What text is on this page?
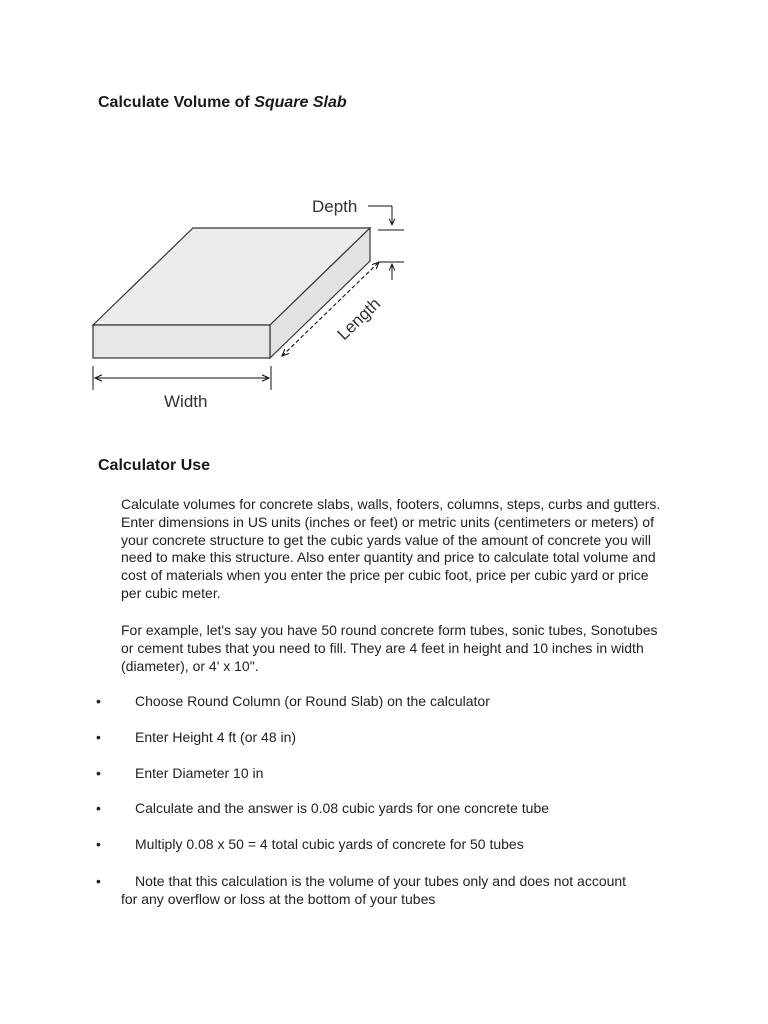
Calculate Volume of Square Slab
Depth
Length
Width
Calculator Use

Calculate volumes for concrete slabs, walls, footers, columns, steps, curbs and gutters. Enter dimensions in US units (inches or feet) or metric units (centimeters or meters) of your concrete structure to get the cubic yards value of the amount of concrete you will need to make this structure. Also enter quantity and price to calculate total volume and cost of materials when you enter the price per cubic foot, price per cubic yard or price per cubic meter.

For example, let's say you have 50 round concrete form tubes, sonic tubes, Sonotubes or cement tubes that you need to fill. They are 4 feet in height and 10 inches in width (diameter), or 4' x 10".

•	Choose Round Column (or Round Slab) on the calculator
•	Enter Height 4 ft (or 48 in)
•	Enter Diameter 10 in
•	Calculate and the answer is 0.08 cubic yards for one concrete tube
•	Multiply 0.08 x 50 = 4 total cubic yards of concrete for 50 tubes
•	Note that this calculation is the volume of your tubes only and does not account for any overflow or loss at the bottom of your tubes
